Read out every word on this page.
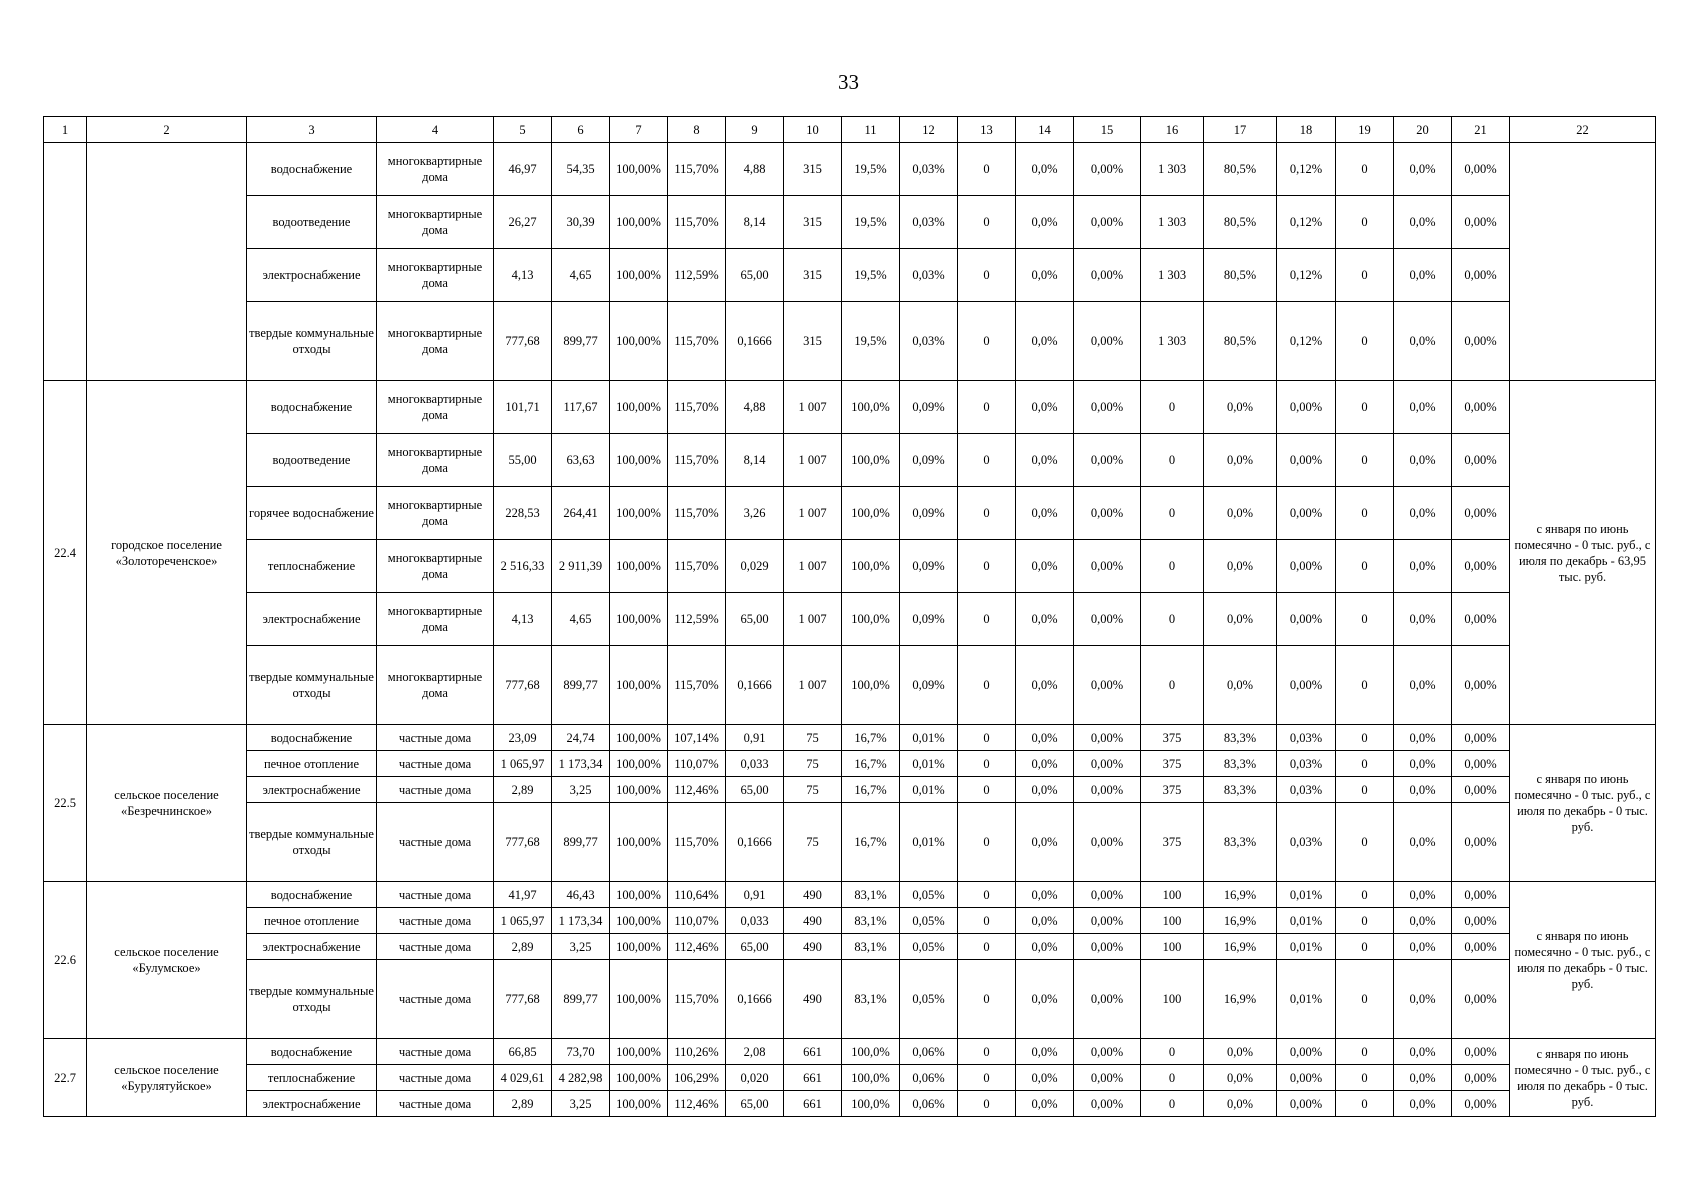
33
1	2	3	4	5	6	7	8	9	10	11	12	13	14	15	16	17	18	19	20	21	22
		водоснабжение	многоквартирные дома	46,97	54,35	100,00%	115,70%	4,88	315	19,5%	0,03%	0	0,0%	0,00%	1 303	80,5%	0,12%	0	0,0%	0,00%	
		водоотведение	многоквартирные дома	26,27	30,39	100,00%	115,70%	8,14	315	19,5%	0,03%	0	0,0%	0,00%	1 303	80,5%	0,12%	0	0,0%	0,00%	
		электроснабжение	многоквартирные дома	4,13	4,65	100,00%	112,59%	65,00	315	19,5%	0,03%	0	0,0%	0,00%	1 303	80,5%	0,12%	0	0,0%	0,00%	
		твердые коммунальные отходы	многоквартирные дома	777,68	899,77	100,00%	115,70%	0,1666	315	19,5%	0,03%	0	0,0%	0,00%	1 303	80,5%	0,12%	0	0,0%	0,00%	
22.4	городское поселение «Золотореченское»	водоснабжение	многоквартирные дома	101,71	117,67	100,00%	115,70%	4,88	1 007	100,0%	0,09%	0	0,0%	0,00%	0	0,0%	0,00%	0	0,0%	0,00%	с января по июнь помесячно - 0 тыс. руб., с июля по декабрь - 63,95 тыс. руб.
		водоотведение	многоквартирные дома	55,00	63,63	100,00%	115,70%	8,14	1 007	100,0%	0,09%	0	0,0%	0,00%	0	0,0%	0,00%	0	0,0%	0,00%	
		горячее водоснабжение	многоквартирные дома	228,53	264,41	100,00%	115,70%	3,26	1 007	100,0%	0,09%	0	0,0%	0,00%	0	0,0%	0,00%	0	0,0%	0,00%	
		теплоснабжение	многоквартирные дома	2 516,33	2 911,39	100,00%	115,70%	0,029	1 007	100,0%	0,09%	0	0,0%	0,00%	0	0,0%	0,00%	0	0,0%	0,00%	
		электроснабжение	многоквартирные дома	4,13	4,65	100,00%	112,59%	65,00	1 007	100,0%	0,09%	0	0,0%	0,00%	0	0,0%	0,00%	0	0,0%	0,00%	
		твердые коммунальные отходы	многоквартирные дома	777,68	899,77	100,00%	115,70%	0,1666	1 007	100,0%	0,09%	0	0,0%	0,00%	0	0,0%	0,00%	0	0,0%	0,00%	
22.5	сельское поселение «Безречнинское»	водоснабжение	частные дома	23,09	24,74	100,00%	107,14%	0,91	75	16,7%	0,01%	0	0,0%	0,00%	375	83,3%	0,03%	0	0,0%	0,00%	с января по июнь помесячно - 0 тыс. руб., с июля по декабрь - 0 тыс. руб.
		печное отопление	частные дома	1 065,97	1 173,34	100,00%	110,07%	0,033	75	16,7%	0,01%	0	0,0%	0,00%	375	83,3%	0,03%	0	0,0%	0,00%	
		электроснабжение	частные дома	2,89	3,25	100,00%	112,46%	65,00	75	16,7%	0,01%	0	0,0%	0,00%	375	83,3%	0,03%	0	0,0%	0,00%	
		твердые коммунальные отходы	частные дома	777,68	899,77	100,00%	115,70%	0,1666	75	16,7%	0,01%	0	0,0%	0,00%	375	83,3%	0,03%	0	0,0%	0,00%	
22.6	сельское поселение «Булумское»	водоснабжение	частные дома	41,97	46,43	100,00%	110,64%	0,91	490	83,1%	0,05%	0	0,0%	0,00%	100	16,9%	0,01%	0	0,0%	0,00%	с января по июнь помесячно - 0 тыс. руб., с июля по декабрь - 0 тыс. руб.
		печное отопление	частные дома	1 065,97	1 173,34	100,00%	110,07%	0,033	490	83,1%	0,05%	0	0,0%	0,00%	100	16,9%	0,01%	0	0,0%	0,00%	
		электроснабжение	частные дома	2,89	3,25	100,00%	112,46%	65,00	490	83,1%	0,05%	0	0,0%	0,00%	100	16,9%	0,01%	0	0,0%	0,00%	
		твердые коммунальные отходы	частные дома	777,68	899,77	100,00%	115,70%	0,1666	490	83,1%	0,05%	0	0,0%	0,00%	100	16,9%	0,01%	0	0,0%	0,00%	
22.7	сельское поселение «Бурулятуйское»	водоснабжение	частные дома	66,85	73,70	100,00%	110,26%	2,08	661	100,0%	0,06%	0	0,0%	0,00%	0	0,0%	0,00%	0	0,0%	0,00%	с января по июнь помесячно - 0 тыс. руб., с июля по декабрь - 0 тыс. руб.
		теплоснабжение	частные дома	4 029,61	4 282,98	100,00%	106,29%	0,020	661	100,0%	0,06%	0	0,0%	0,00%	0	0,0%	0,00%	0	0,0%	0,00%	
		электроснабжение	частные дома	2,89	3,25	100,00%	112,46%	65,00	661	100,0%	0,06%	0	0,0%	0,00%	0	0,0%	0,00%	0	0,0%	0,00%	
